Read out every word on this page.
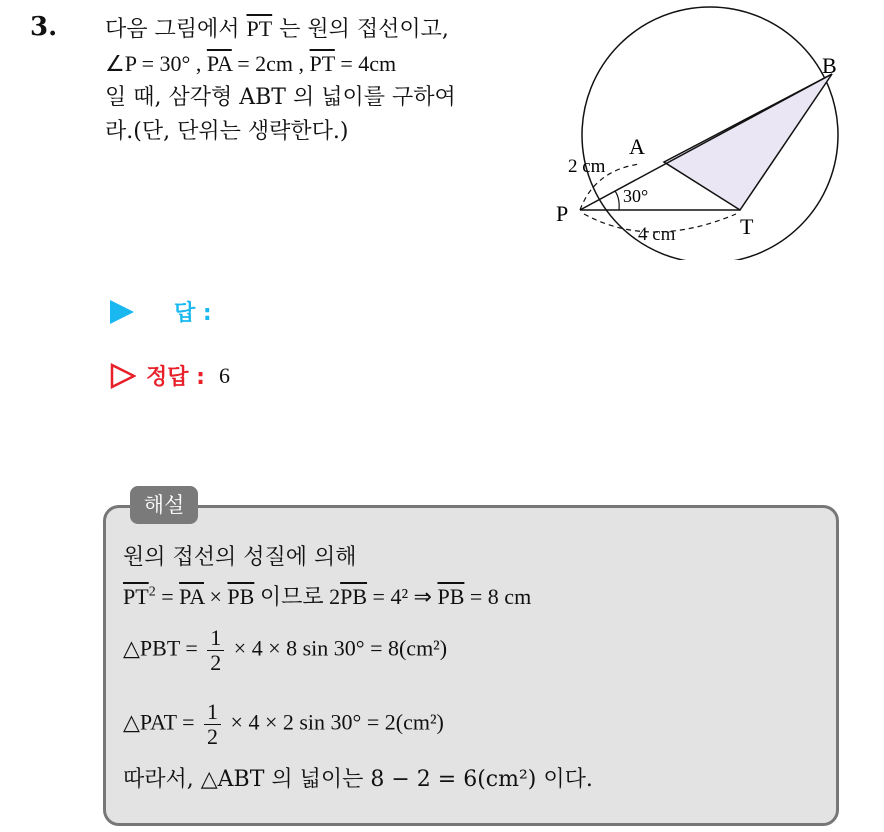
3. 다음 그림에서 $\overline{PT}$ 는 원의 접선이고,

∠P = 30° , $\overline{PA} = 2cm$ , $\overline{PT} = 4cm$

일 때, 삼각형 ABT 의 넓이를 구하여

라.(단, 단위는 생략한다.)

B
A
P
T
2 cm
30°
4 cm
답 :
정답 : 6
해설
원의 접선의 성질에 의해
$\overline{PT}^2 = \overline{PA} \times \overline{PB}$ 이므로 $2\overline{PB} = 4^2$ ⇒ $\overline{PB} = 8$ cm
△PBT = $\frac{1}{2} \times 4 \times 8$ sin 30° = 8(cm²)
△PAT = $\frac{1}{2} \times 4 \times 2$ sin 30° = 2(cm²)
따라서, △ABT 의 넓이는 8 − 2 = 6(cm²) 이다.
